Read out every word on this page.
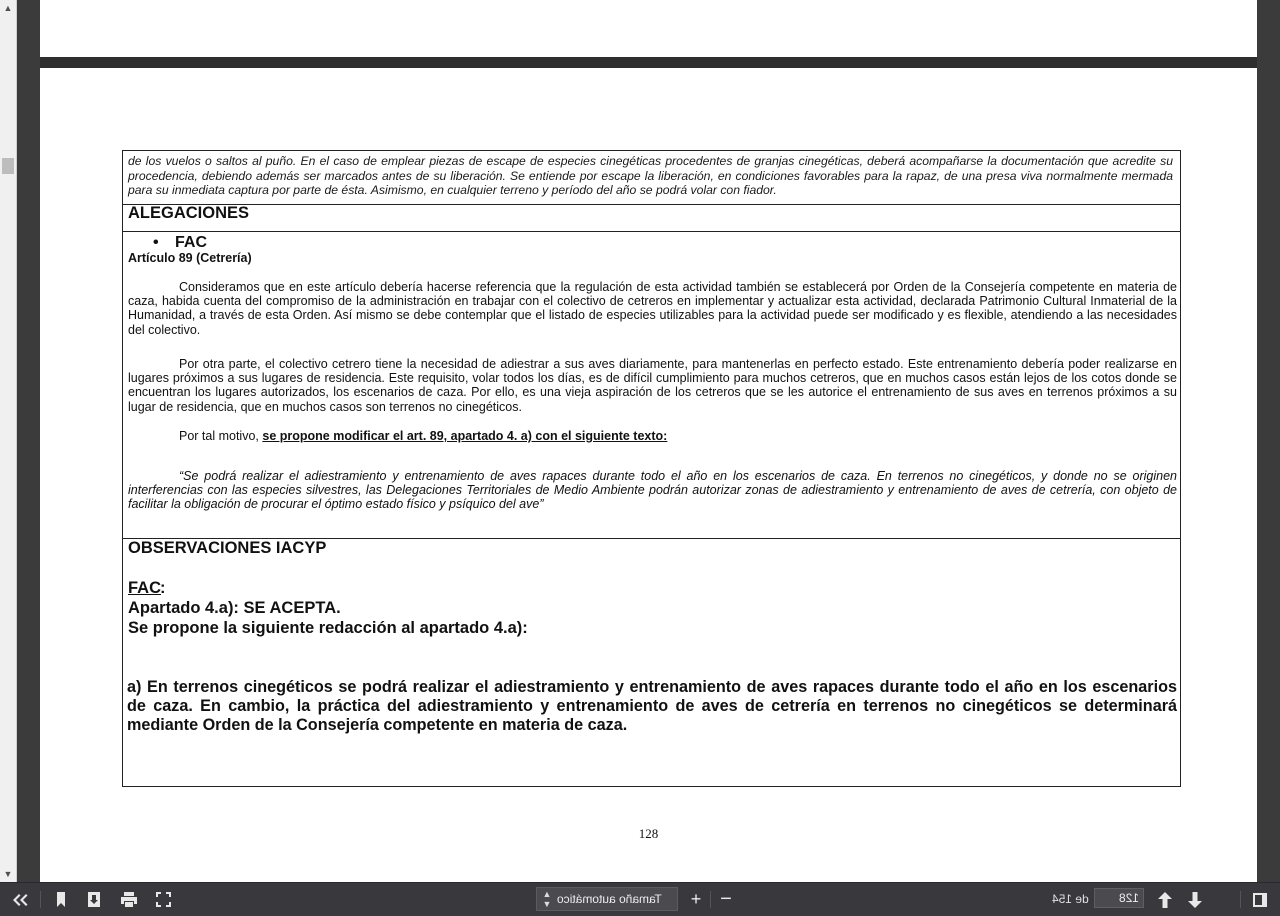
▲
▼
de los vuelos o saltos al puño. En el caso de emplear piezas de escape de especies cinegéticas procedentes de granjas cinegéticas, deberá acompañarse la documentación que acredite su procedencia, debiendo además ser marcados antes de su liberación. Se entiende por escape la liberación, en condiciones favorables para la rapaz, de una presa viva normalmente mermada para su inmediata captura por parte de ésta. Asimismo, en cualquier terreno y período del año se podrá volar con fiador.
ALEGACIONES
• FAC
Artículo 89 (Cetrería)
Consideramos que en este artículo debería hacerse referencia que la regulación de esta actividad también se establecerá por Orden de la Consejería competente en materia de caza, habida cuenta del compromiso de la administración en trabajar con el colectivo de cetreros en implementar y actualizar esta actividad, declarada Patrimonio Cultural Inmaterial de la Humanidad, a través de esta Orden. Así mismo se debe contemplar que el listado de especies utilizables para la actividad puede ser modificado y es flexible, atendiendo a las necesidades del colectivo.
Por otra parte, el colectivo cetrero tiene la necesidad de adiestrar a sus aves diariamente, para mantenerlas en perfecto estado. Este entrenamiento debería poder realizarse en lugares próximos a sus lugares de residencia. Este requisito, volar todos los días, es de difícil cumplimiento para muchos cetreros, que en muchos casos están lejos de los cotos donde se encuentran los lugares autorizados, los escenarios de caza. Por ello, es una vieja aspiración de los cetreros que se les autorice el entrenamiento de sus aves en terrenos próximos a su lugar de residencia, que en muchos casos son terrenos no cinegéticos.
Por tal motivo, se propone modificar el art. 89, apartado 4. a) con el siguiente texto:
“Se podrá realizar el adiestramiento y entrenamiento de aves rapaces durante todo el año en los escenarios de caza. En terrenos no cinegéticos, y donde no se originen interferencias con las especies silvestres, las Delegaciones Territoriales de Medio Ambiente podrán autorizar zonas de adiestramiento y entrenamiento de aves de cetrería, con objeto de facilitar la obligación de procurar el óptimo estado físico y psíquico del ave”
OBSERVACIONES IACYP
FAC :
Apartado 4.a): SE ACEPTA.
Se propone la siguiente redacción al apartado 4.a):
a) En terrenos cinegéticos se podrá realizar el adiestramiento y entrenamiento de aves rapaces durante todo el año en los escenarios de caza. En cambio, la práctica del adiestramiento y entrenamiento de aves de cetrería en terrenos no cinegéticos se determinará mediante Orden de la Consejería competente en materia de caza.
128
▲
▼ Tamaño automático + −	de 154	128
